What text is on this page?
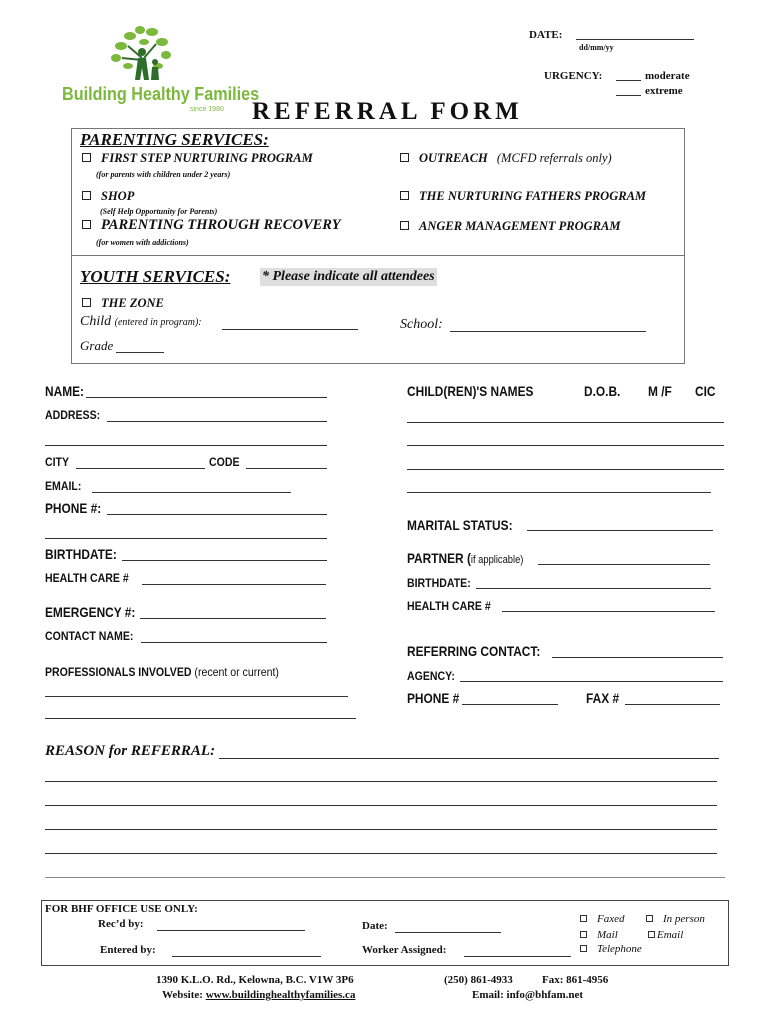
Building Healthy Families
since 1980
DATE:
dd/mm/yy
URGENCY:	moderate
extreme
REFERRAL FORM
PARENTING SERVICES:
FIRST STEP NURTURING PROGRAM
(for parents with children under 2 years)
OUTREACH (MCFD referrals only)
SHOP
(Self Help Opportunity for Parents)
THE NURTURING FATHERS PROGRAM
PARENTING THROUGH RECOVERY
(for women with addictions)
ANGER MANAGEMENT PROGRAM
YOUTH SERVICES: * Please indicate all attendees
THE ZONE
Child (entered in program):	School:
Grade
NAME:
ADDRESS:
CITY	CODE
EMAIL:
PHONE #:
BIRTHDATE:
HEALTH CARE #
EMERGENCY #:
CONTACT NAME:
PROFESSIONALS INVOLVED (recent or current)
CHILD(REN)'S NAMES	D.O.B. M /F CIC
MARITAL STATUS:
PARTNER (if applicable)
BIRTHDATE:
HEALTH CARE #
REFERRING CONTACT:
AGENCY:
PHONE #	FAX #
REASON for REFERRAL:
FOR BHF OFFICE USE ONLY:
Rec’d by:	Date:
Entered by:	Worker Assigned:
Faxed	In person
Mail	Email
Telephone
1390 K.L.O. Rd., Kelowna, B.C. V1W 3P6	(250) 861-4933	Fax: 861-4956
Website: www.buildinghealthyfamilies.ca	Email: info@bhfam.net
